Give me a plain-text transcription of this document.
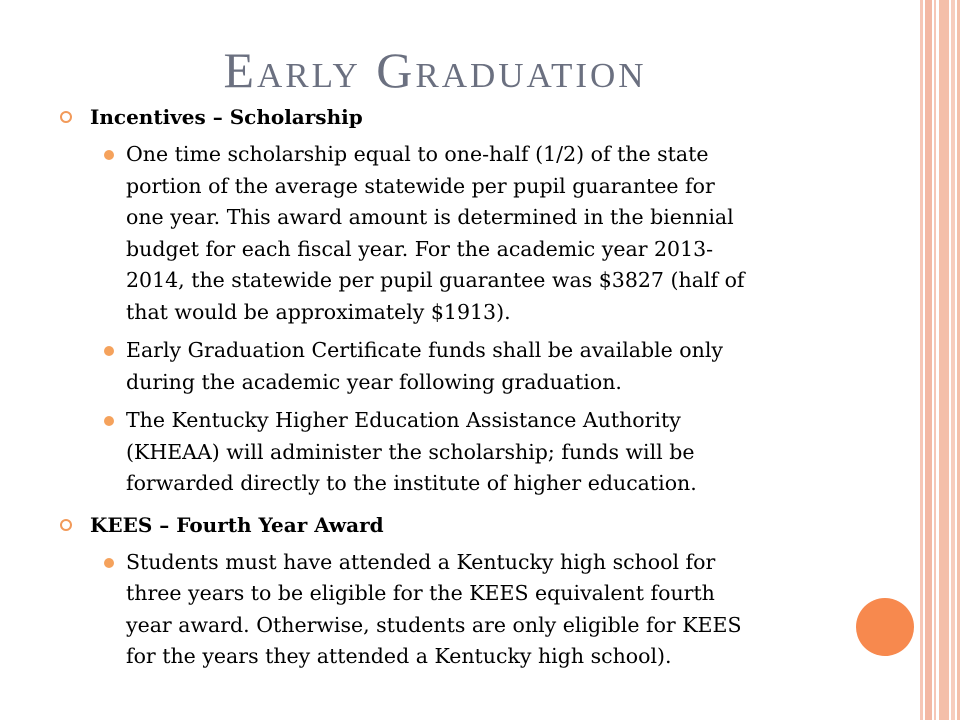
Early Graduation
Incentives – Scholarship
One time scholarship equal to one-half (1/2) of the state
portion of the average statewide per pupil guarantee for
one year. This award amount is determined in the biennial
budget for each fiscal year. For the academic year 2013-
2014, the statewide per pupil guarantee was $3827 (half of
that would be approximately $1913).
Early Graduation Certificate funds shall be available only
during the academic year following graduation.
The Kentucky Higher Education Assistance Authority
(KHEAA) will administer the scholarship; funds will be
forwarded directly to the institute of higher education.
KEES – Fourth Year Award
Students must have attended a Kentucky high school for
three years to be eligible for the KEES equivalent fourth
year award. Otherwise, students are only eligible for KEES
for the years they attended a Kentucky high school).
